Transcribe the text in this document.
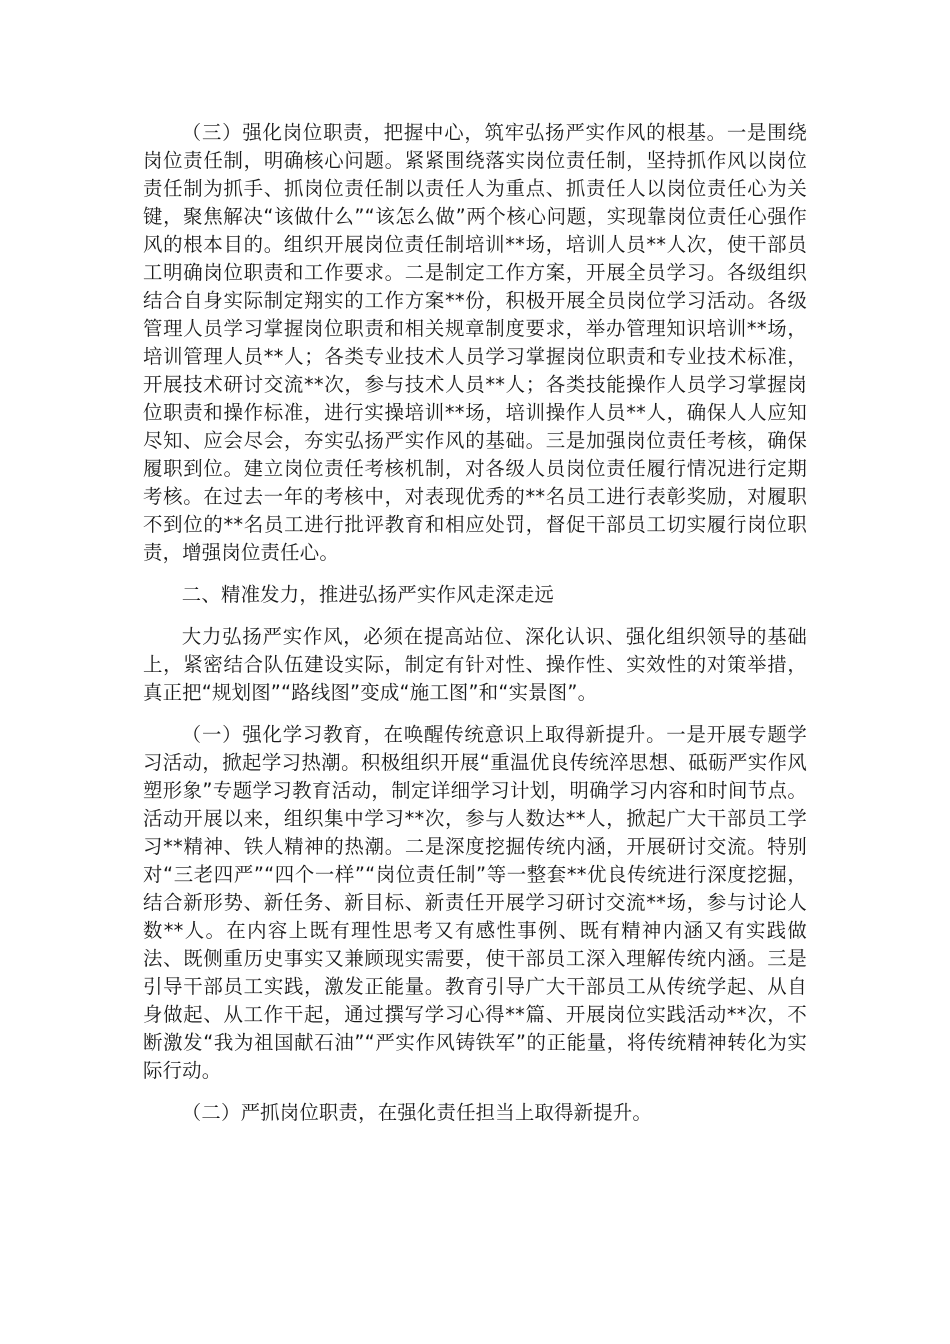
（三）强化岗位职责，把握中心，筑牢弘扬严实作风的根基。一是围绕岗位责任制，明确核心问题。紧紧围绕落实岗位责任制，坚持抓作风以岗位责任制为抓手、抓岗位责任制以责任人为重点、抓责任人以岗位责任心为关键，聚焦解决“该做什么”“该怎么做”两个核心问题，实现靠岗位责任心强作风的根本目的。组织开展岗位责任制培训**场，培训人员**人次，使干部员工明确岗位职责和工作要求。二是制定工作方案，开展全员学习。各级组织结合自身实际制定翔实的工作方案**份，积极开展全员岗位学习活动。各级管理人员学习掌握岗位职责和相关规章制度要求，举办管理知识培训**场，培训管理人员**人；各类专业技术人员学习掌握岗位职责和专业技术标准，开展技术研讨交流**次，参与技术人员**人；各类技能操作人员学习掌握岗位职责和操作标准，进行实操培训**场，培训操作人员**人，确保人人应知尽知、应会尽会，夯实弘扬严实作风的基础。三是加强岗位责任考核，确保履职到位。建立岗位责任考核机制，对各级人员岗位责任履行情况进行定期考核。在过去一年的考核中，对表现优秀的**名员工进行表彰奖励，对履职不到位的**名员工进行批评教育和相应处罚，督促干部员工切实履行岗位职责，增强岗位责任心。

二、精准发力，推进弘扬严实作风走深走远

大力弘扬严实作风，必须在提高站位、深化认识、强化组织领导的基础上，紧密结合队伍建设实际，制定有针对性、操作性、实效性的对策举措，真正把“规划图”“路线图”变成“施工图”和“实景图”。

（一）强化学习教育，在唤醒传统意识上取得新提升。一是开展专题学习活动，掀起学习热潮。积极组织开展“重温优良传统淬思想、砥砺严实作风塑形象”专题学习教育活动，制定详细学习计划，明确学习内容和时间节点。活动开展以来，组织集中学习**次，参与人数达**人，掀起广大干部员工学习**精神、铁人精神的热潮。二是深度挖掘传统内涵，开展研讨交流。特别对“三老四严”“四个一样”“岗位责任制”等一整套**优良传统进行深度挖掘，结合新形势、新任务、新目标、新责任开展学习研讨交流**场，参与讨论人数**人。在内容上既有理性思考又有感性事例、既有精神内涵又有实践做法、既侧重历史事实又兼顾现实需要，使干部员工深入理解传统内涵。三是引导干部员工实践，激发正能量。教育引导广大干部员工从传统学起、从自身做起、从工作干起，通过撰写学习心得**篇、开展岗位实践活动**次，不断激发“我为祖国献石油”“严实作风铸铁军”的正能量，将传统精神转化为实际行动。

（二）严抓岗位职责，在强化责任担当上取得新提升。
